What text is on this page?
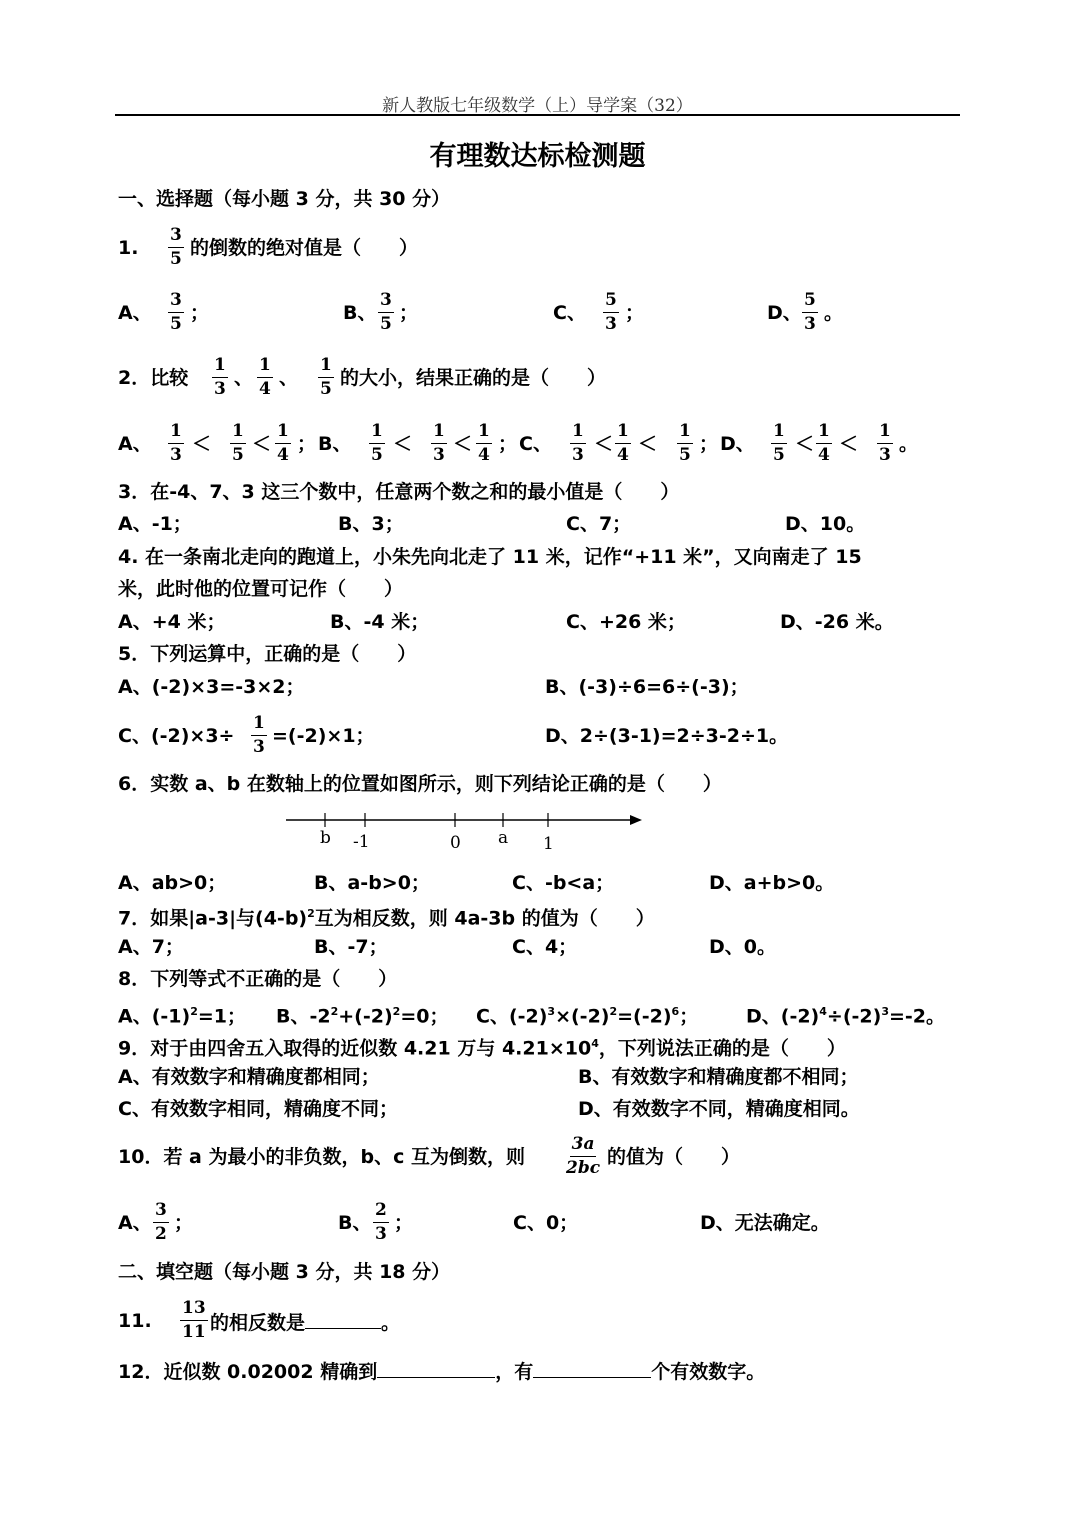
新人教版七年级数学（上）导学案（32）
有理数达标检测题
一、选择题（每小题 3 分，共 30 分）
1. $\frac{3}{5}$ 的倒数的绝对值是（　　）
A、 $\frac{3}{5}$ ；	B、 $\frac{3}{5}$ ；	C、 $\frac{5}{3}$ ；	D、 $\frac{5}{3}$ 。
2．比较 $\frac{1}{3}$ 、 $\frac{1}{4}$ 、 $\frac{1}{5}$ 的大小，结果正确的是（　　）
A、 $\frac{1}{3} < \frac{1}{5} < \frac{1}{4}$ ； B、 $\frac{1}{5} < \frac{1}{3} < \frac{1}{4}$ ； C、 $\frac{1}{3} < \frac{1}{4} < \frac{1}{5}$ ； D、 $\frac{1}{5} < \frac{1}{4} < \frac{1}{3}$ 。
3．在-4、7、3 这三个数中，任意两个数之和的最小值是（　　）
A、-1；	B、3；	C、7；	D、10。
4. 在一条南北走向的跑道上，小朱先向北走了 11 米，记作“+11 米”，又向南走了 15
米，此时他的位置可记作（　　）
A、+4 米；	B、-4 米；	C、+26 米；	D、-26 米。
5．下列运算中，正确的是（　　）
A、(-2)×3=-3×2；	B、(-3)÷6=6÷(-3)；
C、$(-2)\times 3\div \frac{1}{3} =(-2)\times 1$；	D、2÷(3-1)=2÷3-2÷1。
6．实数 a、b 在数轴上的位置如图所示，则下列结论正确的是（　　）
b -1	0 a 1
A、ab>0；	B、a-b>0；	C、-b<a；	D、a+b>0。
7．如果|a-3|与$(4-b)^2$互为相反数，则 4a-3b 的值为（　　）
A、7；	B、-7；	C、4；	D、0。
8．下列等式不正确的是（　　）
A、$(-1)^2=1$； B、$-2^2+(-2)^2=0$； C、$(-2)^3\times(-2)^2=(-2)^6$；	D、$(-2)^4\div(-2)^3=-2$。
9．对于由四舍五入取得的近似数 4.21 万与 $4.21\times 10^4$，下列说法正确的是（　　）
A、有效数字和精确度都相同；	B、有效数字和精确度都不相同；
C、有效数字相同，精确度不同；	D、有效数字不同，精确度相同。
10．若 a 为最小的非负数，b、c 互为倒数，则 $\frac{3a}{2bc}$ 的值为（　　）
A、 $\frac{3}{2}$ ；	B、 $\frac{2}{3}$ ；	C、0；	D、无法确定。
二、填空题（每小题 3 分，共 18 分）
11. $\frac{13}{11}$ 的相反数是	。
12．近似数 0.02002 精确到	，有	个有效数字。
